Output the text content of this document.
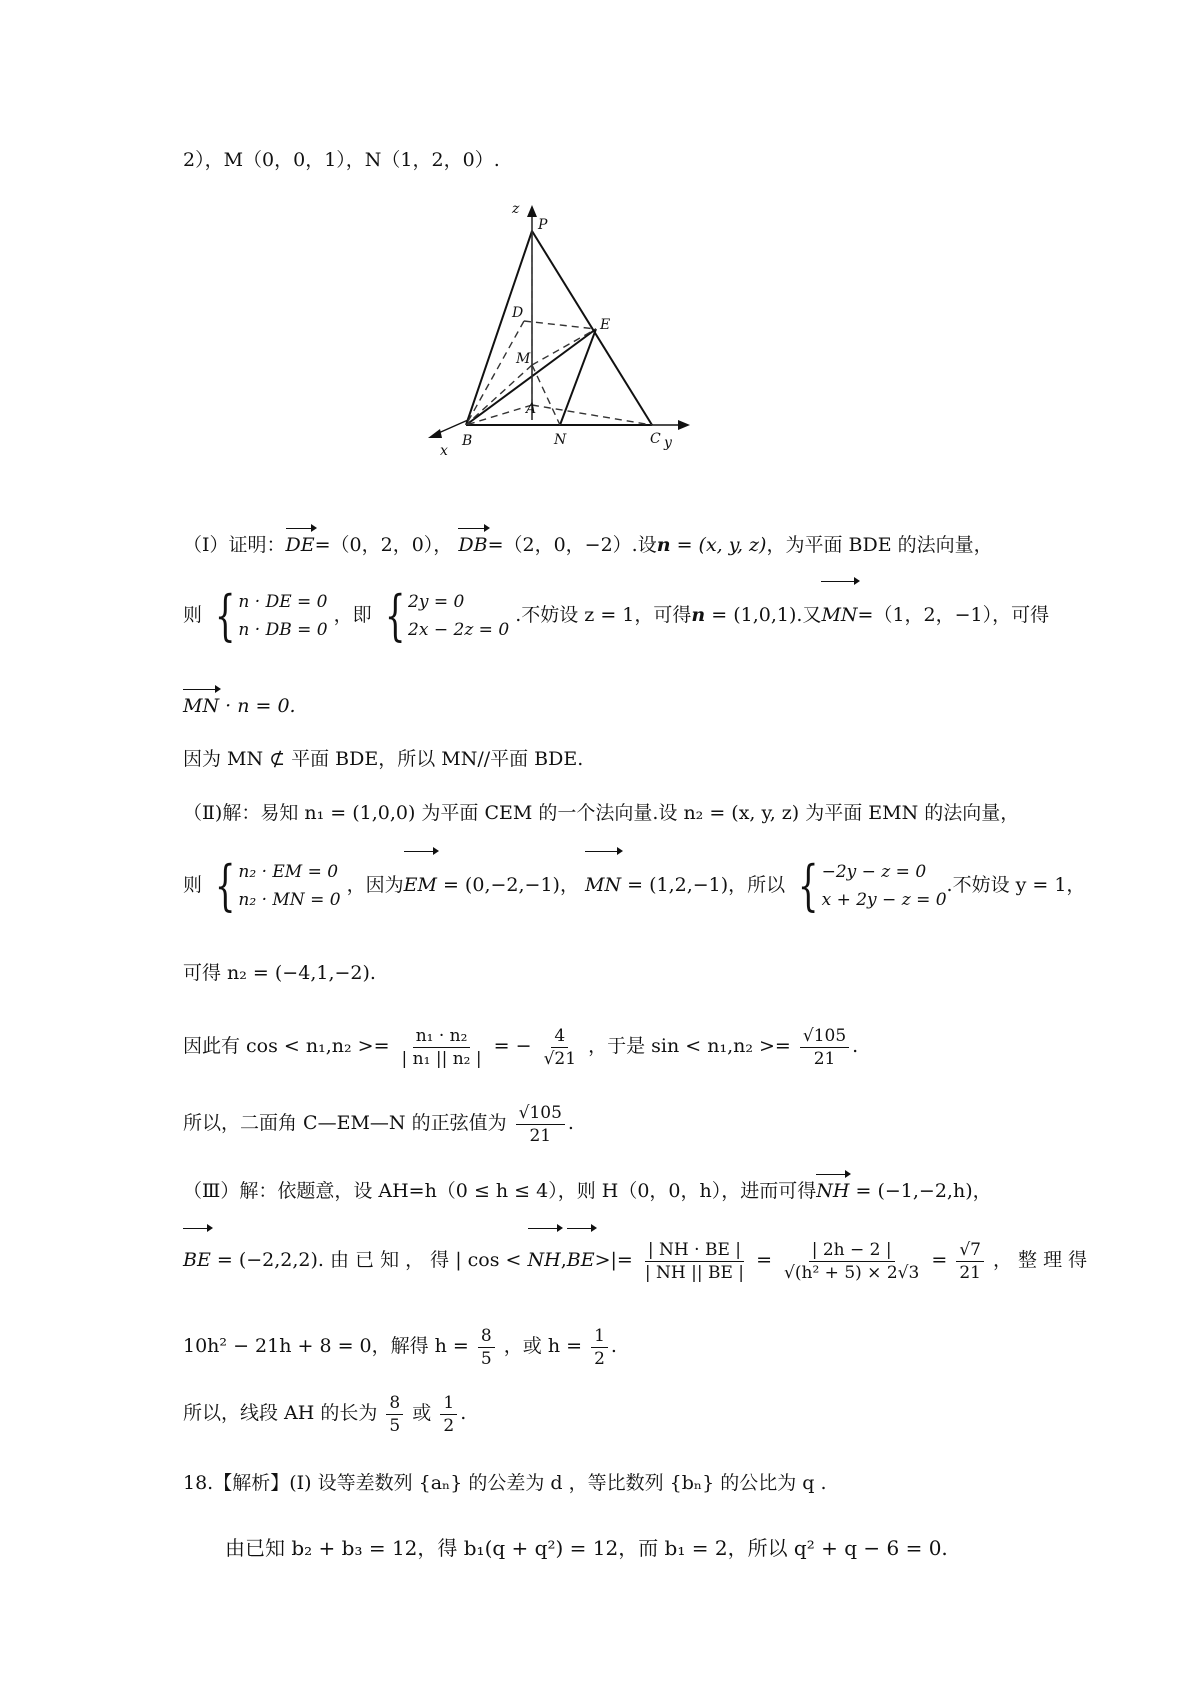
2），M（0，0，1），N（1，2，0）.
z
P
D
E
M
A
B	N	C
x	y
（Ⅰ）证明：DE=（0，2，0）， DB=（2，0，−2）.设n = (x, y, z)，为平面 BDE 的法向量，
则 { n · DE = 0
n · DB = 0
，即 { 2y = 0
2x − 2z = 0
.不妨设 z = 1，可得n = (1,0,1).又MN=（1，2，−1），可得
MN · n = 0.
因为 MN ⊄ 平面 BDE，所以 MN//平面 BDE.
（Ⅱ)解：易知 n₁ = (1,0,0) 为平面 CEM 的一个法向量.设 n₂ = (x, y, z) 为平面 EMN 的法向量，
则 { n₂ · EM = 0
n₂ · MN = 0
，因为EM = (0,−2,−1)， MN = (1,2,−1)，所以 { −2y − z = 0
x + 2y − z = 0
.不妨设 y = 1，
可得 n₂ = (−4,1,−2).
因此有 $\cos < n_1,n_2 >= \frac{\text{n₁ · n₂}}{\text{| n₁ || n₂ |}}$ = − $\frac{4}{√21}$ ，于是 $\sin < n_1,n_2 >= \frac{√105}{21}$ .
所以，二面角 C—EM—N 的正弦值为 $\frac{√105}{21}$ .
（Ⅲ）解：依题意，设 AH=h（0 ≤ h ≤ 4），则 H（0，0，h），进而可得NH = (−1,−2,h)，
BE = (−2,2,2). 由 已 知 ， 得 | $\cos < NH,BE>|= \frac{| NH \cdot BE |}{| NH || BE |} = \frac{| 2h - 2 |}{\text{√(h² + 5) × 2√3}} = \frac{√7}{21}$ ， 整 理 得
10h² − 21h + 8 = 0，解得 $h = \frac{8}{5}$ ，或 $h = \frac{1}{2}$ .
所以，线段 AH 的长为 $\frac{8}{5}$ 或 $\frac{1}{2}$ .
18.【解析】(I) 设等差数列 {aₙ} 的公差为 d ，等比数列 {bₙ} 的公比为 q .
由已知 b₂ + b₃ = 12，得 b₁(q + q²) = 12，而 b₁ = 2，所以 q² + q − 6 = 0.
